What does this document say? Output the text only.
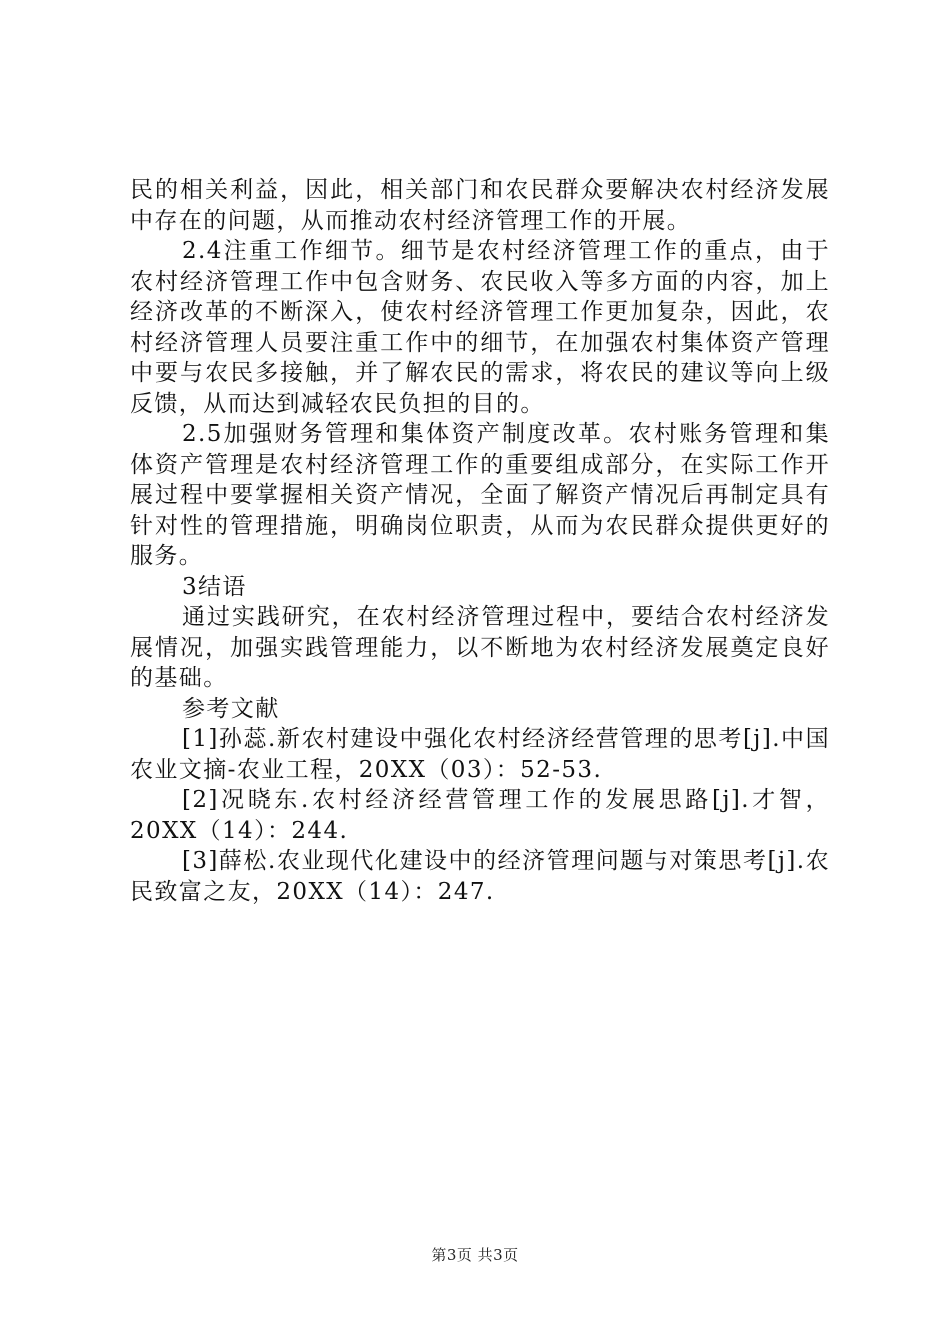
民的相关利益，因此，相关部门和农民群众要解决农村经济发展中存在的问题，从而推动农村经济管理工作的开展。

2.4注重工作细节。细节是农村经济管理工作的重点，由于农村经济管理工作中包含财务、农民收入等多方面的内容，加上经济改革的不断深入，使农村经济管理工作更加复杂，因此，农村经济管理人员要注重工作中的细节，在加强农村集体资产管理中要与农民多接触，并了解农民的需求，将农民的建议等向上级反馈，从而达到减轻农民负担的目的。

2.5加强财务管理和集体资产制度改革。农村账务管理和集体资产管理是农村经济管理工作的重要组成部分，在实际工作开展过程中要掌握相关资产情况，全面了解资产情况后再制定具有针对性的管理措施，明确岗位职责，从而为农民群众提供更好的服务。

3结语

通过实践研究，在农村经济管理过程中，要结合农村经济发展情况，加强实践管理能力，以不断地为农村经济发展奠定良好的基础。

参考文献

[1]孙蕊.新农村建设中强化农村经济经营管理的思考[j].中国农业文摘-农业工程，20XX（03）：52-53.

[2]况晓东.农村经济经营管理工作的发展思路[j].才智，20XX（14）：244.

[3]薛松.农业现代化建设中的经济管理问题与对策思考[j].农民致富之友，20XX（14）：247.

第3页 共3页
